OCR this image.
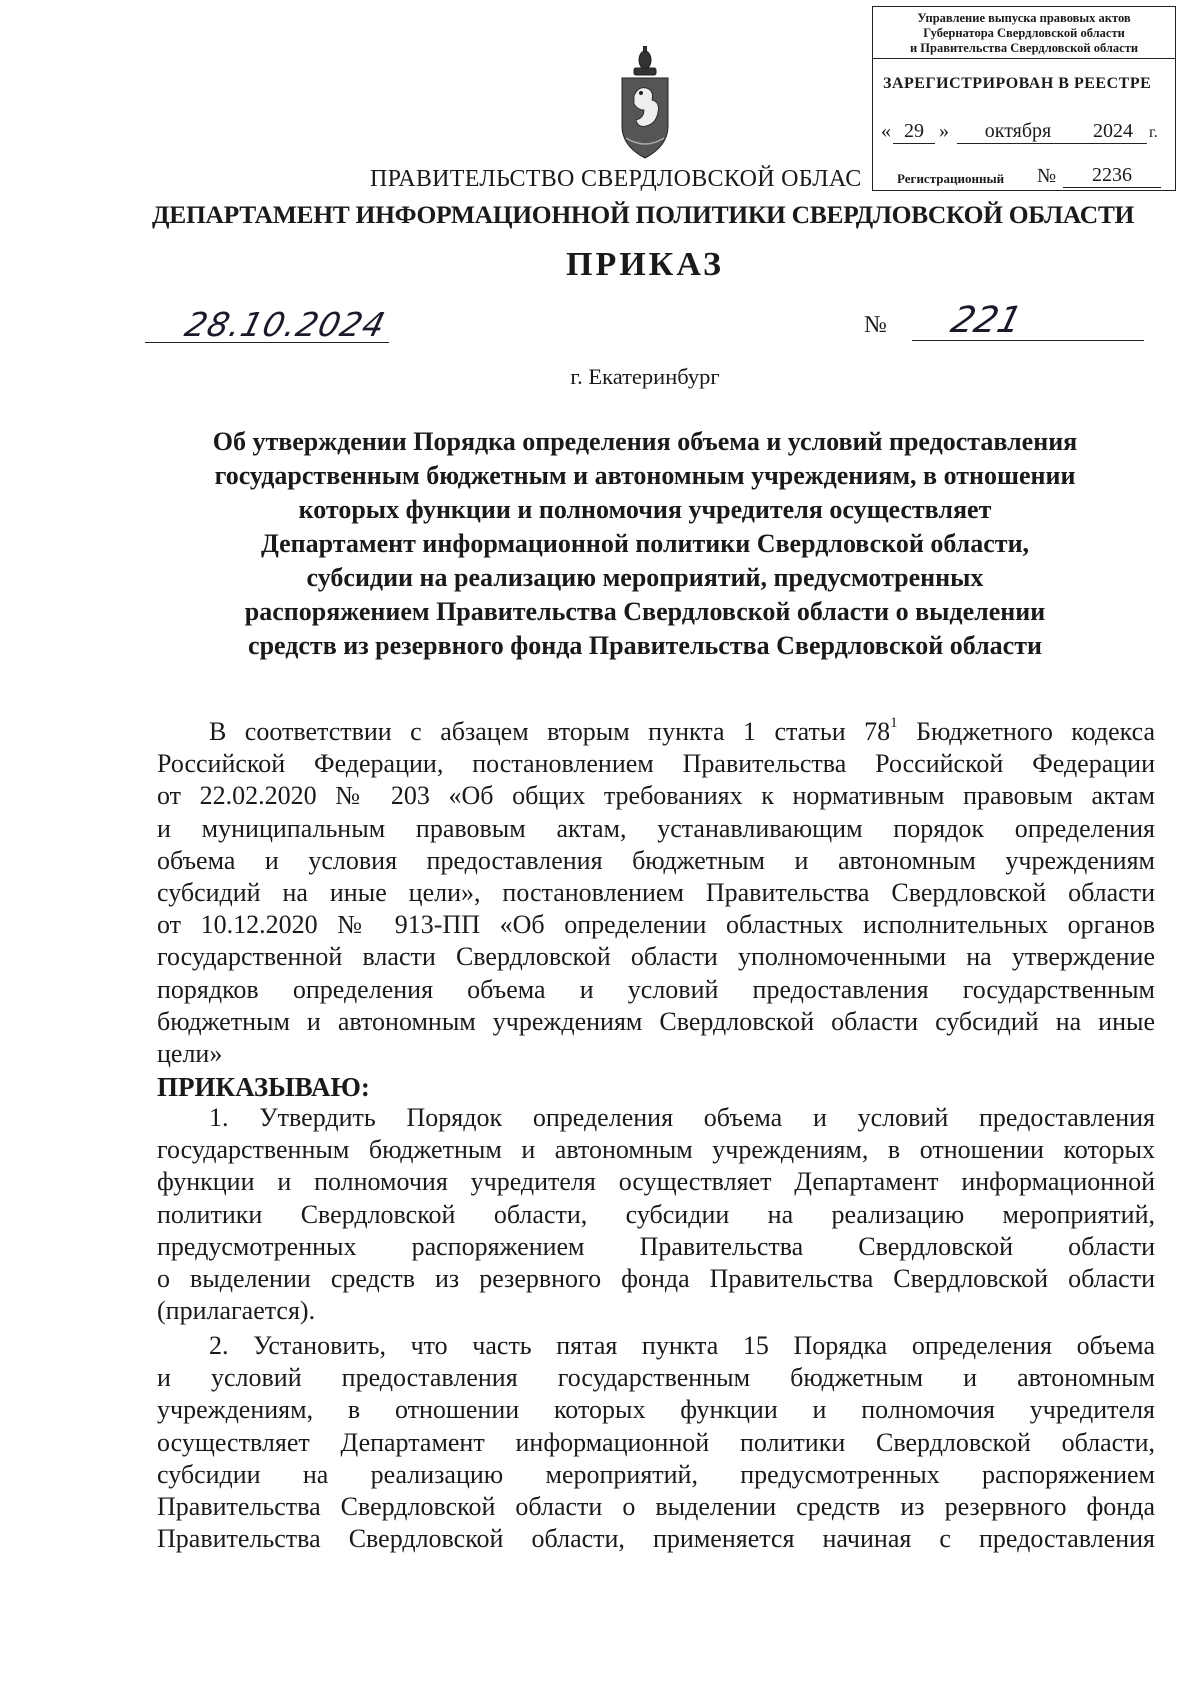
Управление выпуска правовых актов
Губернатора Свердловской области
и Правительства Свердловской области
ЗАРЕГИСТРИРОВАН В РЕЕСТРЕ
« 29 »	октября	2024	г.
Регистрационный №	2236
ПРАВИТЕЛЬСТВО СВЕРДЛОВСКОЙ ОБЛАС
ДЕПАРТАМЕНТ ИНФОРМАЦИОННОЙ ПОЛИТИКИ СВЕРДЛОВСКОЙ ОБЛАСТИ
ПРИКАЗ
28.10.2024	№ 221
г. Екатеринбург
Об утверждении Порядка определения объема и условий предоставления
государственным бюджетным и автономным учреждениям, в отношении
которых функции и полномочия учредителя осуществляет
Департамент информационной политики Свердловской области,
субсидии на реализацию мероприятий, предусмотренных
распоряжением Правительства Свердловской области о выделении
средств из резервного фонда Правительства Свердловской области
В соответствии с абзацем вторым пункта 1 статьи $78^1$ Бюджетного кодекса
Российской Федерации, постановлением Правительства Российской Федерации
от 22.02.2020 № 203 «Об общих требованиях к нормативным правовым актам
и муниципальным правовым актам, устанавливающим порядок определения
объема и условия предоставления бюджетным и автономным учреждениям
субсидий на иные цели», постановлением Правительства Свердловской области
от 10.12.2020 № 913-ПП «Об определении областных исполнительных органов
государственной власти Свердловской области уполномоченными на утверждение
порядков определения объема и условий предоставления государственным
бюджетным и автономным учреждениям Свердловской области субсидий на иные
цели»
ПРИКАЗЫВАЮ:
1. Утвердить Порядок определения объема и условий предоставления
государственным бюджетным и автономным учреждениям, в отношении которых
функции и полномочия учредителя осуществляет Департамент информационной
политики Свердловской области, субсидии на реализацию мероприятий,
предусмотренных распоряжением Правительства Свердловской области
о выделении средств из резервного фонда Правительства Свердловской области
(прилагается).
2. Установить, что часть пятая пункта 15 Порядка определения объема
и условий предоставления государственным бюджетным и автономным
учреждениям, в отношении которых функции и полномочия учредителя
осуществляет Департамент информационной политики Свердловской области,
субсидии на реализацию мероприятий, предусмотренных распоряжением
Правительства Свердловской области о выделении средств из резервного фонда
Правительства Свердловской области, применяется начиная с предоставления
